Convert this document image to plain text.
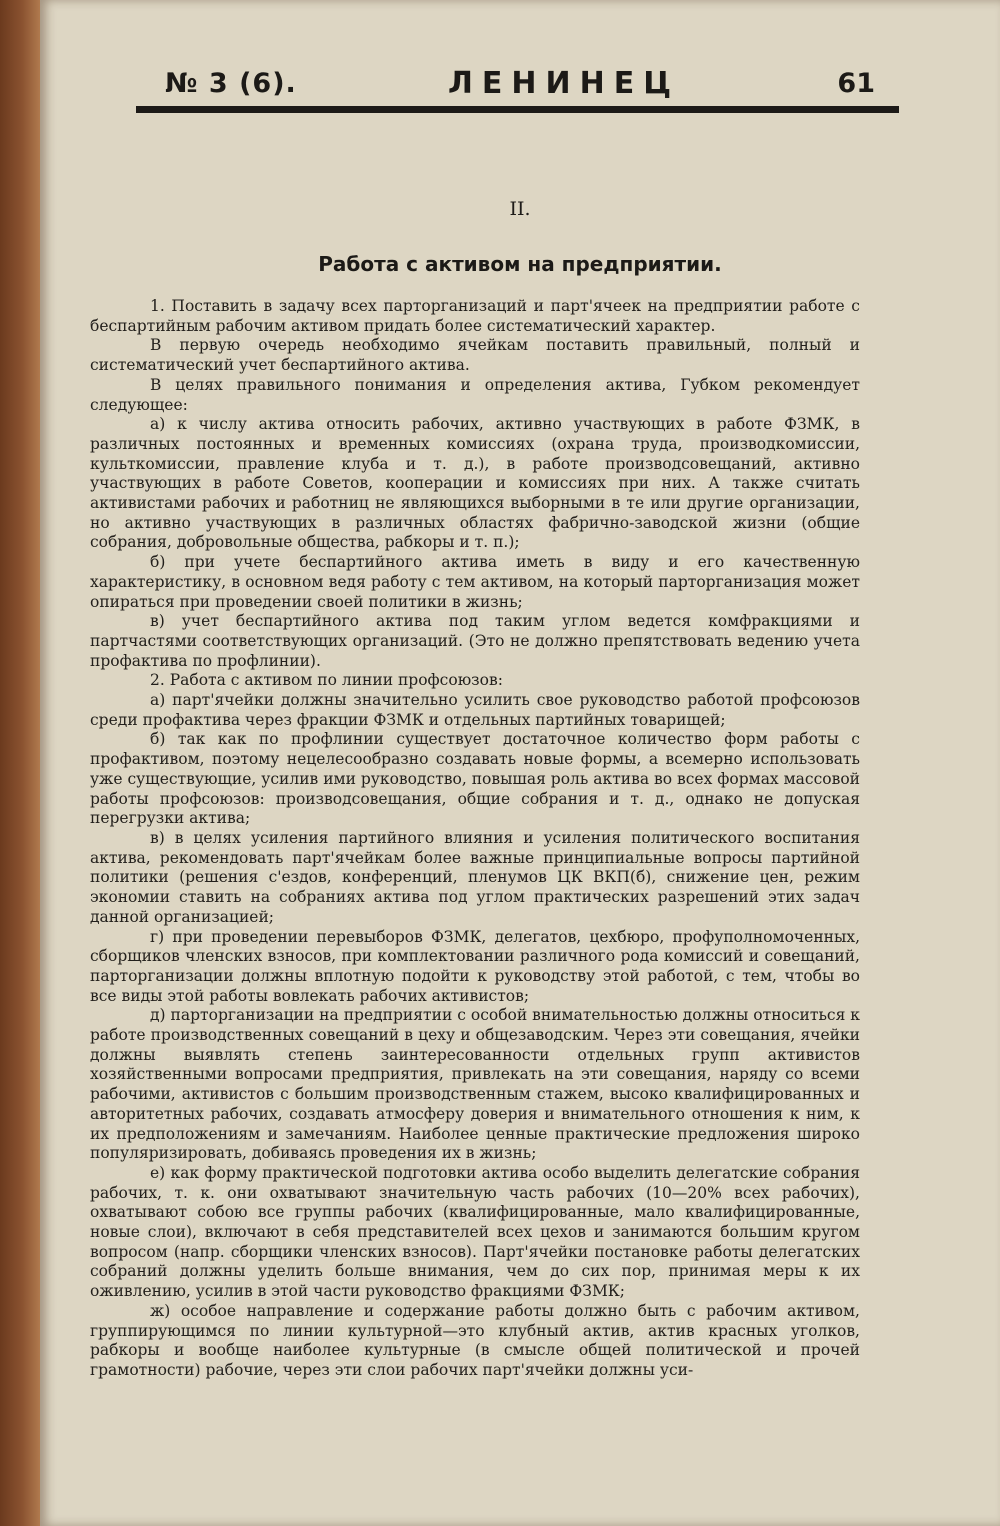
№ 3 (6).	ЛЕНИНЕЦ	61
II.
Работа с активом на предприятии.

1. Поставить в задачу всех парторганизаций и парт'ячеек на предприятии работе с беспартийным рабочим активом придать более систематический характер.

В первую очередь необходимо ячейкам поставить правильный, полный и систематический учет беспартийного актива.

В целях правильного понимания и определения актива, Губком рекомендует следующее:

а) к числу актива относить рабочих, активно участвующих в работе ФЗМК, в различных постоянных и временных комиссиях (охрана труда, производкомиссии, культкомиссии, правление клуба и т. д.), в работе производсовещаний, активно участвующих в работе Советов, кооперации и комиссиях при них. А также считать активистами рабочих и работниц не являющихся выборными в те или другие организации, но активно участвующих в различных областях фабрично-заводской жизни (общие собрания, добровольные общества, рабкоры и т. п.);

б) при учете беспартийного актива иметь в виду и его качественную характеристику, в основном ведя работу с тем активом, на который парторганизация может опираться при проведении своей политики в жизнь;

в) учет беспартийного актива под таким углом ведется комфракциями и партчастями соответствующих организаций. (Это не должно препятствовать ведению учета профактива по профлинии).

2. Работа с активом по линии профсоюзов:

а) парт'ячейки должны значительно усилить свое руководство работой профсоюзов среди профактива через фракции ФЗМК и отдельных партийных товарищей;

б) так как по профлинии существует достаточное количество форм работы с профактивом, поэтому нецелесообразно создавать новые формы, а всемерно использовать уже существующие, усилив ими руководство, повышая роль актива во всех формах массовой работы профсоюзов: производсовещания, общие собрания и т. д., однако не допуская перегрузки актива;

в) в целях усиления партийного влияния и усиления политического воспитания актива, рекомендовать парт'ячейкам более важные принципиальные вопросы партийной политики (решения с'ездов, конференций, пленумов ЦК ВКП(б), снижение цен, режим экономии ставить на собраниях актива под углом практических разрешений этих задач данной организацией;

г) при проведении перевыборов ФЗМК, делегатов, цехбюро, профуполномоченных, сборщиков членских взносов, при комплектовании различного рода комиссий и совещаний, парторганизации должны вплотную подойти к руководству этой работой, с тем, чтобы во все виды этой работы вовлекать рабочих активистов;

д) парторганизации на предприятии с особой внимательностью должны относиться к работе производственных совещаний в цеху и общезаводским. Через эти совещания, ячейки должны выявлять степень заинтересованности отдельных групп активистов хозяйственными вопросами предприятия, привлекать на эти совещания, наряду со всеми рабочими, активистов с большим производственным стажем, высоко квалифицированных и авторитетных рабочих, создавать атмосферу доверия и внимательного отношения к ним, к их предположениям и замечаниям. Наиболее ценные практические предложения широко популяризировать, добиваясь проведения их в жизнь;

е) как форму практической подготовки актива особо выделить делегатские собрания рабочих, т. к. они охватывают значительную часть рабочих (10—20% всех рабочих), охватывают собою все группы рабочих (квалифицированные, мало квалифицированные, новые слои), включают в себя представителей всех цехов и занимаются большим кругом вопросом (напр. сборщики членских взносов). Парт'ячейки постановке работы делегатских собраний должны уделить больше внимания, чем до сих пор, принимая меры к их оживлению, усилив в этой части руководство фракциями ФЗМК;

ж) особое направление и содержание работы должно быть с рабочим активом, группирующимся по линии культурной—это клубный актив, актив красных уголков, рабкоры и вообще наиболее культурные (в смысле общей политической и прочей грамотности) рабочие, через эти слои рабочих парт'ячейки должны уси-
